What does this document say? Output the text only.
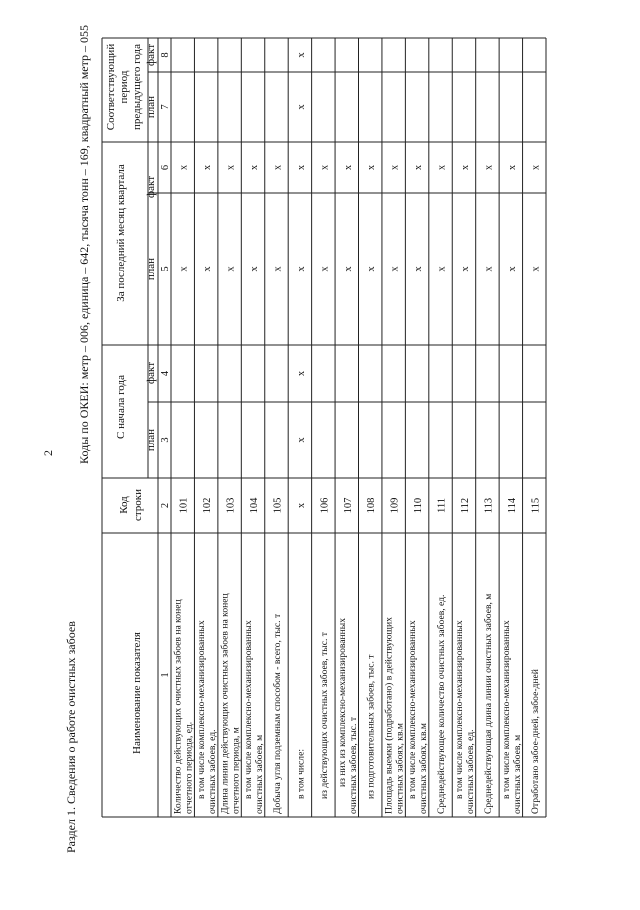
2
Раздел 1. Сведения о работе очистных забоев
Коды по ОКЕИ: метр – 006, единица – 642, тысяча тонн – 169, квадратный метр – 055
Наименование показателя
Код строки
С начала года
За последний месяц квартала
Соответствующий период предыдущего года
план
факт
план
факт
план
факт
1
2
3
4
5
6
7
8
Количество действующих очистных забоев на конец отчетного периода, ед.
101
х
х
в том числе комплексно-механизированных очистных забоев, ед.
102
х
х
Длина линии действующих очистных забоев на конец отчетного периода, м
103
х
х
в том числе комплексно-механизированных очистных забоев, м
104
х
х
Добыча угля подземным способом - всего, тыс. т
105
х
х
в том числе:
х
х
х
х
х
х
х
из действующих очистных забоев, тыс. т
106
х
х
из них из комплексно-механизированных очистных забоев, тыс. т
107
х
х
из подготовительных забоев, тыс. т
108
х
х
Площадь выемки (подработано) в действующих очистных забоях, кв.м
109
х
х
в том числе комплексно-механизированных очистных забоях, кв.м
110
х
х
Среднедействующее количество очистных забоев, ед.
111
х
х
в том числе комплексно-механизированных очистных забоев, ед.
112
х
х
Среднедействующая длина линии очистных забоев, м
113
х
х
в том числе комплексно-механизированных очистных забоев, м
114
х
х
Отработано забое-дней, забое-дней
115
х
х
